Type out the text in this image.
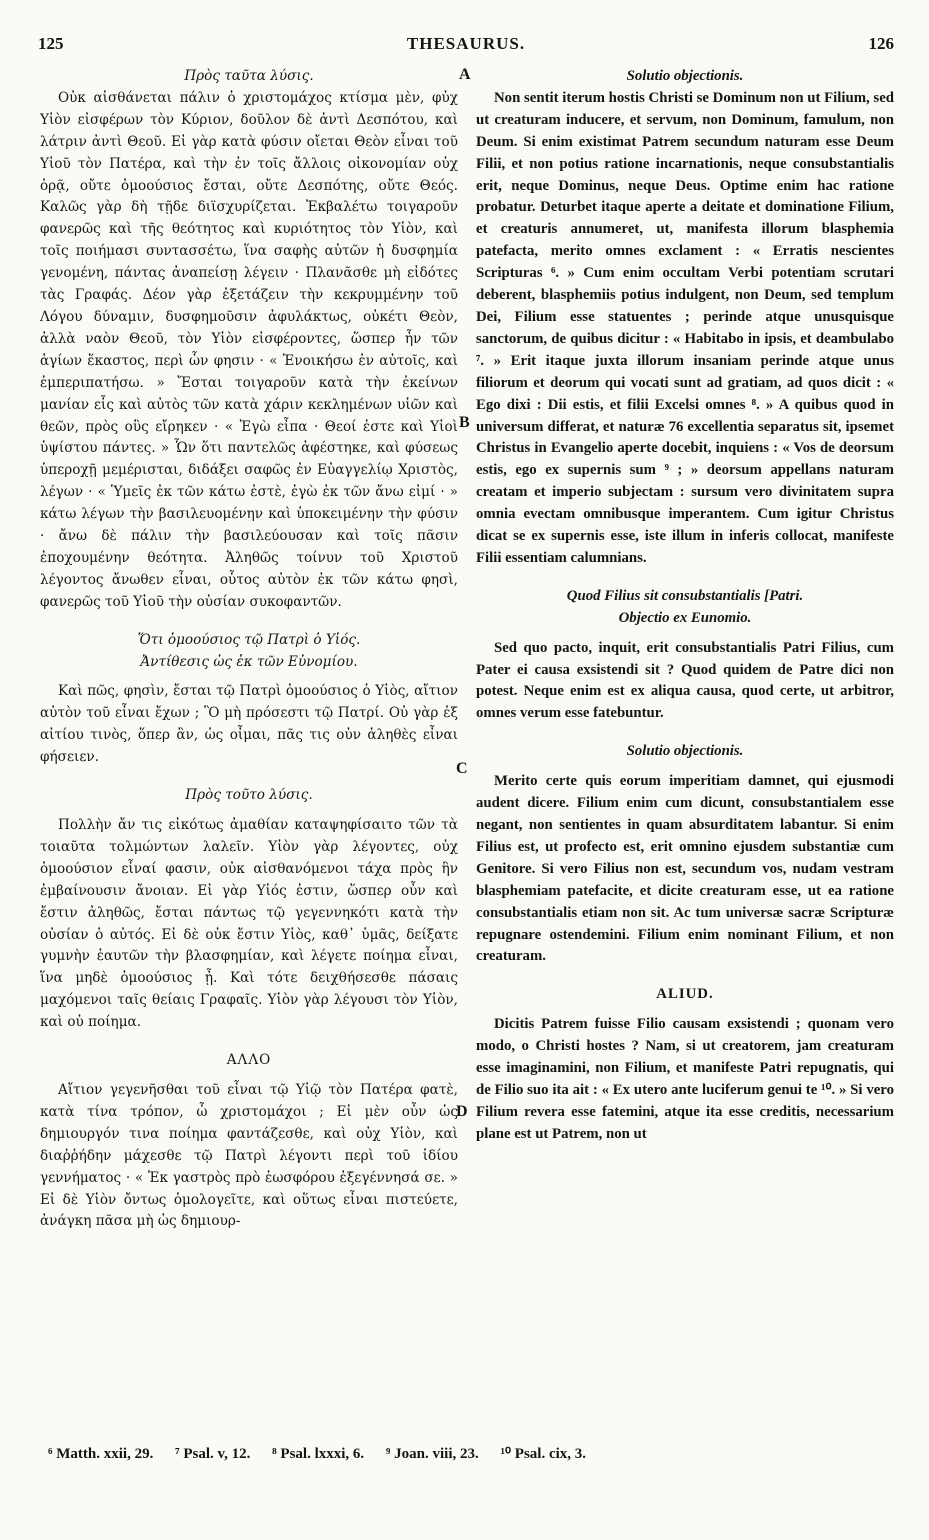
125	THESAURUS.	126
A
B
C
D
Πρὸς ταῦτα λύσις.

Οὐκ αἰσθάνεται πάλιν ὁ χριστομάχος κτίσμα μὲν, φὐχ Υἱὸν εἰσφέρων τὸν Κύριον, δοῦλον δὲ ἀντὶ Δεσπότου, καὶ λάτριν ἀντὶ Θεοῦ. Εἰ γὰρ κατὰ φύσιν οἴεται Θεὸν εἶναι τοῦ Υἱοῦ τὸν Πατέρα, καὶ τὴν ἐν τοῖς ἄλλοις οἰκονομίαν οὐχ ὁρᾷ, οὔτε ὁμοούσιος ἔσται, οὔτε Δεσπότης, οὔτε Θεός. Καλῶς γὰρ δὴ τῇδε διϊσχυρίζεται. Ἐκβαλέτω τοιγαροῦν φανερῶς καὶ τῆς θεότητος καὶ κυριότητος τὸν Υἱὸν, καὶ τοῖς ποιήμασι συντασσέτω, ἵνα σαφὴς αὐτῶν ἡ δυσφημία γενομένη, πάντας ἀναπείσῃ λέγειν · Πλανᾶσθε μὴ εἰδότες τὰς Γραφάς. Δέον γὰρ ἐξετάζειν τὴν κεκρυμμένην τοῦ Λόγου δύναμιν, δυσφημοῦσιν ἀφυλάκτως, οὐκέτι Θεὸν, ἀλλὰ ναὸν Θεοῦ, τὸν Υἱὸν εἰσφέροντες, ὥσπερ ἦν τῶν ἁγίων ἕκαστος, περὶ ὧν φησιν · « Ἐνοικήσω ἐν αὐτοῖς, καὶ ἐμπεριπατήσω. » Ἔσται τοιγαροῦν κατὰ τὴν ἐκείνων μανίαν εἷς καὶ αὐτὸς τῶν κατὰ χάριν κεκλημένων υἱῶν καὶ θεῶν, πρὸς οὓς εἴρηκεν · « Ἐγὼ εἶπα · Θεοί ἐστε καὶ Υἱοὶ ὑψίστου πάντες. » Ὧν ὅτι παντελῶς ἀφέστηκε, καὶ φύσεως ὑπεροχῇ μεμέρισται, διδάξει σαφῶς ἐν Εὐαγγελίῳ Χριστὸς, λέγων · « Ὑμεῖς ἐκ τῶν κάτω ἐστὲ, ἐγὼ ἐκ τῶν ἄνω εἰμί · » κάτω λέγων τὴν βασιλευομένην καὶ ὑποκειμένην τὴν φύσιν · ἄνω δὲ πάλιν τὴν βασιλεύουσαν καὶ τοῖς πᾶσιν ἐποχουμένην θεότητα. Ἀληθῶς τοίνυν τοῦ Χριστοῦ λέγοντος ἄνωθεν εἶναι, οὗτος αὐτὸν ἐκ τῶν κάτω φησὶ, φανερῶς τοῦ Υἱοῦ τὴν οὐσίαν συκοφαντῶν.

Ὅτι ὁμοούσιος τῷ Πατρὶ ὁ Υἱός.
Ἀντίθεσις ὡς ἐκ τῶν Εὐνομίου.

Καὶ πῶς, φησὶν, ἔσται τῷ Πατρὶ ὁμοούσιος ὁ Υἱὸς, αἴτιον αὐτὸν τοῦ εἶναι ἔχων ; Ὃ μὴ πρόσεστι τῷ Πατρί. Οὐ γὰρ ἐξ αἰτίου τινὸς, ὅπερ ἂν, ὡς οἶμαι, πᾶς τις οὐν ἀληθὲς εἶναι φήσειεν.

Πρὸς τοῦτο λύσις.

Πολλὴν ἄν τις εἰκότως ἀμαθίαν καταψηφίσαιτο τῶν τὰ τοιαῦτα τολμώντων λαλεῖν. Υἱὸν γὰρ λέγοντες, οὐχ ὁμοούσιον εἶναί φασιν, οὐκ αἰσθανόμενοι τάχα πρὸς ἣν ἐμβαίνουσιν ἄνοιαν. Εἰ γὰρ Υἱός ἐστιν, ὥσπερ οὖν καὶ ἔστιν ἀληθῶς, ἔσται πάντως τῷ γεγεννηκότι κατὰ τὴν οὐσίαν ὁ αὐτός. Εἰ δὲ οὐκ ἔστιν Υἱὸς, καθ᾽ ὑμᾶς, δείξατε γυμνὴν ἑαυτῶν τὴν βλασφημίαν, καὶ λέγετε ποίημα εἶναι, ἵνα μηδὲ ὁμοούσιος ᾖ. Καὶ τότε δειχθήσεσθε πάσαις μαχόμενοι ταῖς θείαις Γραφαῖς. Υἱὸν γὰρ λέγουσι τὸν Υἱὸν, καὶ οὐ ποίημα.

ΑΛΛΟ

Αἴτιον γεγενῆσθαι τοῦ εἶναι τῷ Υἱῷ τὸν Πατέρα φατὲ, κατὰ τίνα τρόπον, ὦ χριστομάχοι ; Εἰ μὲν οὖν ὡς δημιουργόν τινα ποίημα φαντάζεσθε, καὶ οὐχ Υἱὸν, καὶ διαῤῥήδην μάχεσθε τῷ Πατρὶ λέγοντι περὶ τοῦ ἰδίου γεννήματος · « Ἐκ γαστρὸς πρὸ ἑωσφόρου ἐξεγέννησά σε. » Εἰ δὲ Υἱὸν ὄντως ὁμολογεῖτε, καὶ οὕτως εἶναι πιστεύετε, ἀνάγκη πᾶσα μὴ ὡς δημιουρ-

Solutio objectionis.

Non sentit iterum hostis Christi se Dominum non ut Filium, sed ut creaturam inducere, et servum, non Dominum, famulum, non Deum. Si enim existimat Patrem secundum naturam esse Deum Filii, et non potius ratione incarnationis, neque consubstantialis erit, neque Dominus, neque Deus. Optime enim hac ratione probatur. Deturbet itaque aperte a deitate et dominatione Filium, et creaturis annumeret, ut, manifesta illorum blasphemia patefacta, merito omnes exclament : « Erratis nescientes Scripturas ⁶. » Cum enim occultam Verbi potentiam scrutari deberent, blasphemiis potius indulgent, non Deum, sed templum Dei, Filium esse statuentes ; perinde atque unusquisque sanctorum, de quibus dicitur : « Habitabo in ipsis, et deambulabo ⁷. » Erit itaque juxta illorum insaniam perinde atque unus filiorum et deorum qui vocati sunt ad gratiam, ad quos dicit : « Ego dixi : Dii estis, et filii Excelsi omnes ⁸. » A quibus quod in universum differat, et naturæ 76 excellentia separatus sit, ipsemet Christus in Evangelio aperte docebit, inquiens : « Vos de deorsum estis, ego ex supernis sum ⁹ ; » deorsum appellans naturam creatam et imperio subjectam : sursum vero divinitatem supra omnia evectam omnibusque imperantem. Cum igitur Christus dicat se ex supernis esse, iste illum in inferis collocat, manifeste Filii essentiam calumnians.

Quod Filius sit consubstantialis [Patri.
Objectio ex Eunomio.

Sed quo pacto, inquit, erit consubstantialis Patri Filius, cum Pater ei causa exsistendi sit ? Quod quidem de Patre dici non potest. Neque enim est ex aliqua causa, quod certe, ut arbitror, omnes verum esse fatebuntur.

Solutio objectionis.

Merito certe quis eorum imperitiam damnet, qui ejusmodi audent dicere. Filium enim cum dicunt, consubstantialem esse negant, non sentientes in quam absurditatem labantur. Si enim Filius est, ut profecto est, erit omnino ejusdem substantiæ cum Genitore. Si vero Filius non est, secundum vos, nudam vestram blasphemiam patefacite, et dicite creaturam esse, ut ea ratione consubstantialis etiam non sit. Ac tum universæ sacræ Scripturæ repugnare ostendemini. Filium enim nominant Filium, et non creaturam.

ALIUD.

Dicitis Patrem fuisse Filio causam exsistendi ; quonam vero modo, o Christi hostes ? Nam, si ut creatorem, jam creaturam esse imaginamini, non Filium, et manifeste Patri repugnatis, qui de Filio suo ita ait : « Ex utero ante luciferum genui te ¹⁰. » Si vero Filium revera esse fatemini, atque ita esse creditis, necessarium plane est ut Patrem, non ut

⁶ Matth. xxii, 29. ⁷ Psal. v, 12. ⁸ Psal. lxxxi, 6. ⁹ Joan. viii, 23. ¹⁰ Psal. cix, 3.
